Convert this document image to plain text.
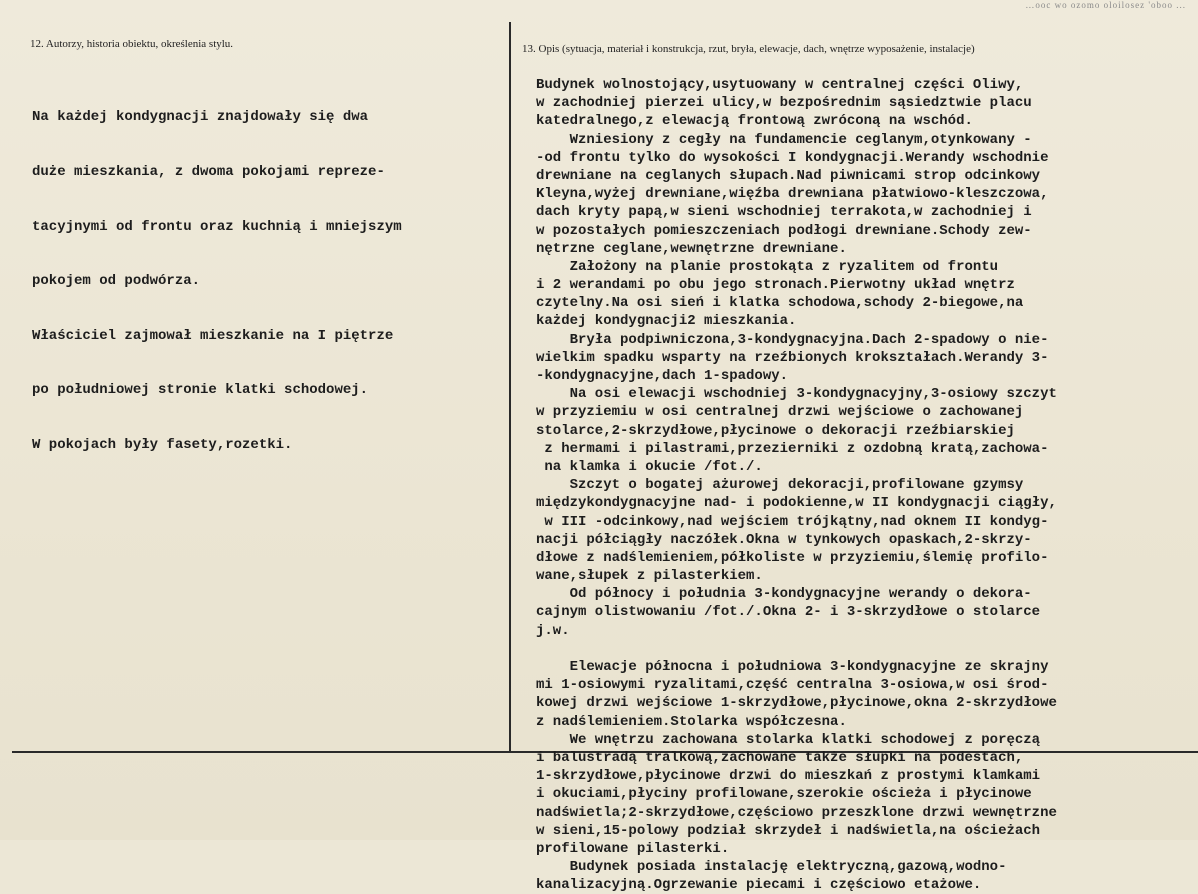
…ooc wo ozomo oloilosez 'oboo ...
12. Autorzy, historia obiektu, określenia stylu.	13. Opis (sytuacja, materiał i konstrukcja, rzut, bryła, elewacje, dach, wnętrze wyposażenie, instalacje)

Na każdej kondygnacji znajdowały się dwa

duże mieszkania, z dwoma pokojami repreze-

tacyjnymi od frontu oraz kuchnią i mniejszym

pokojem od podwórza.

Właściciel zajmował mieszkanie na I piętrze

po południowej stronie klatki schodowej.

W pokojach były fasety,rozetki.

Budynek wolnostojący,usytuowany w centralnej części Oliwy,
w zachodniej pierzei ulicy,w bezpośrednim sąsiedztwie placu
katedralnego,z elewacją frontową zwróconą na wschód.
Wzniesiony z cegły na fundamencie ceglanym,otynkowany -
-od frontu tylko do wysokości I kondygnacji.Werandy wschodnie
drewniane na ceglanych słupach.Nad piwnicami strop odcinkowy
Kleyna,wyżej drewniane,więźba drewniana płatwiowo-kleszczowa,
dach kryty papą,w sieni wschodniej terrakota,w zachodniej i
w pozostałych pomieszczeniach podłogi drewniane.Schody zew-
nętrzne ceglane,wewnętrzne drewniane.
Założony na planie prostokąta z ryzalitem od frontu
i 2 werandami po obu jego stronach.Pierwotny układ wnętrz
czytelny.Na osi sień i klatka schodowa,schody 2-biegowe,na
każdej kondygnacji2 mieszkania.
Bryła podpiwniczona,3-kondygnacyjna.Dach 2-spadowy o nie-
wielkim spadku wsparty na rzeźbionych krokształach.Werandy 3-
-kondygnacyjne,dach 1-spadowy.
Na osi elewacji wschodniej 3-kondygnacyjny,3-osiowy szczyt
w przyziemiu w osi centralnej drzwi wejściowe o zachowanej
stolarce,2-skrzydłowe,płycinowe o dekoracji rzeźbiarskiej
z hermami i pilastrami,przezierniki z ozdobną kratą,zachowa-
na klamka i okucie /fot./.
Szczyt o bogatej ażurowej dekoracji,profilowane gzymsy
międzykondygnacyjne nad- i podokienne,w II kondygnacji ciągły,
w III -odcinkowy,nad wejściem trójkątny,nad oknem II kondyg-
nacji półciągły naczółek.Okna w tynkowych opaskach,2-skrzy-
dłowe z nadślemieniem,półkoliste w przyziemiu,ślemię profilo-
wane,słupek z pilasterkiem.
Od północy i południa 3-kondygnacyjne werandy o dekora-
cajnym olistwowaniu /fot./.Okna 2- i 3-skrzydłowe o stolarce
j.w.
Elewacje północna i południowa 3-kondygnacyjne ze skrajny
mi 1-osiowymi ryzalitami,część centralna 3-osiowa,w osi środ-
kowej drzwi wejściowe 1-skrzydłowe,płycinowe,okna 2-skrzydłowe
z nadślemieniem.Stolarka współczesna.
We wnętrzu zachowana stolarka klatki schodowej z poręczą
i balustradą tralkową,zachowane także słupki na podestach,
1-skrzydłowe,płycinowe drzwi do mieszkań z prostymi klamkami
i okuciami,płyciny profilowane,szerokie ościeża i płycinowe
nadświetla;2-skrzydłowe,częściowo przeszklone drzwi wewnętrzne
w sieni,15-polowy podział skrzydeł i nadświetla,na ościeżach
profilowane pilasterki.
Budynek posiada instalację elektryczną,gazową,wodno-
kanalizacyjną.Ogrzewanie piecami i częściowo etażowe.
